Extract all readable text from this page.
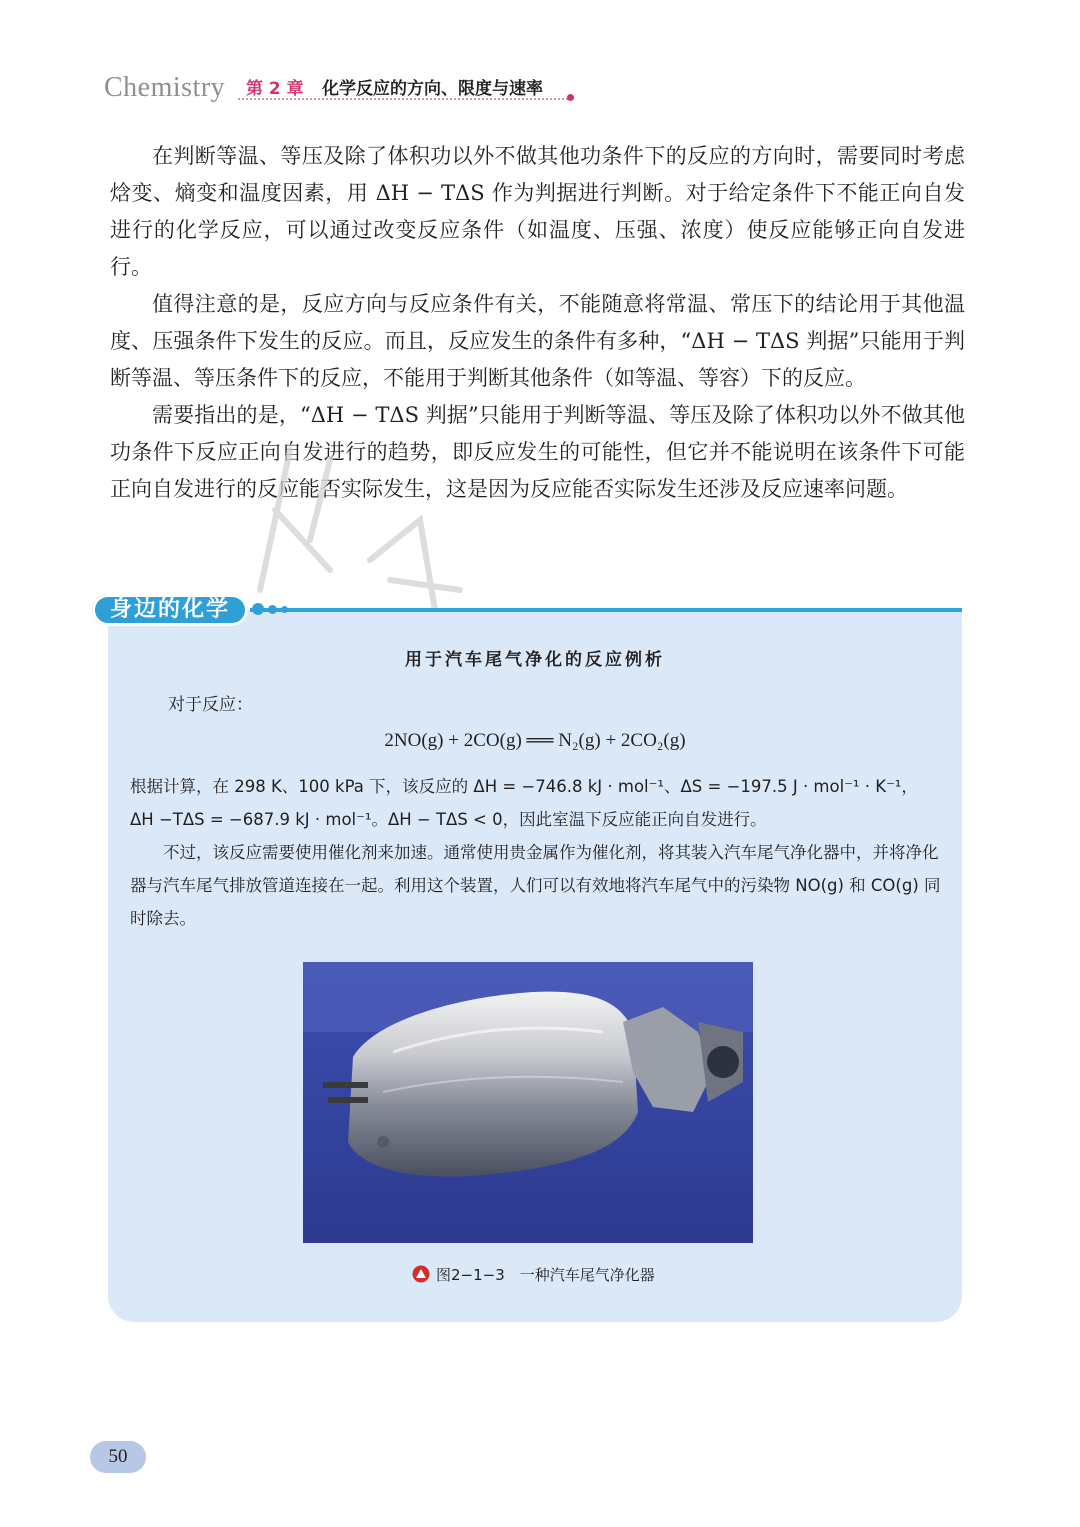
Chemistry 第 2 章 化学反应的方向、限度与速率

在判断等温、等压及除了体积功以外不做其他功条件下的反应的方向时，需要同时考虑焓变、熵变和温度因素，用 ΔH − TΔS 作为判据进行判断。对于给定条件下不能正向自发进行的化学反应，可以通过改变反应条件（如温度、压强、浓度）使反应能够正向自发进行。

值得注意的是，反应方向与反应条件有关，不能随意将常温、常压下的结论用于其他温度、压强条件下发生的反应。而且，反应发生的条件有多种，“ΔH − TΔS 判据”只能用于判断等温、等压条件下的反应，不能用于判断其他条件（如等温、等容）下的反应。

需要指出的是，“ΔH − TΔS 判据”只能用于判断等温、等压及除了体积功以外不做其他功条件下反应正向自发进行的趋势，即反应发生的可能性，但它并不能说明在该条件下可能正向自发进行的反应能否实际发生，这是因为反应能否实际发生还涉及反应速率问题。

身边的化学
用于汽车尾气净化的反应例析
对于反应：
2NO(g) + 2CO(g) ══ N₂(g) + 2CO₂(g)

根据计算，在 298 K、100 kPa 下，该反应的 ΔH = −746.8 kJ · mol⁻¹、ΔS = −197.5 J · mol⁻¹ · K⁻¹，

ΔH −TΔS = −687.9 kJ · mol⁻¹。ΔH − TΔS < 0，因此室温下反应能正向自发进行。

不过，该反应需要使用催化剂来加速。通常使用贵金属作为催化剂，将其装入汽车尾气净化器中，并将净化器与汽车尾气排放管道连接在一起。利用这个装置，人们可以有效地将汽车尾气中的污染物 NO(g) 和 CO(g) 同时除去。

图2−1−3　一种汽车尾气净化器
50
